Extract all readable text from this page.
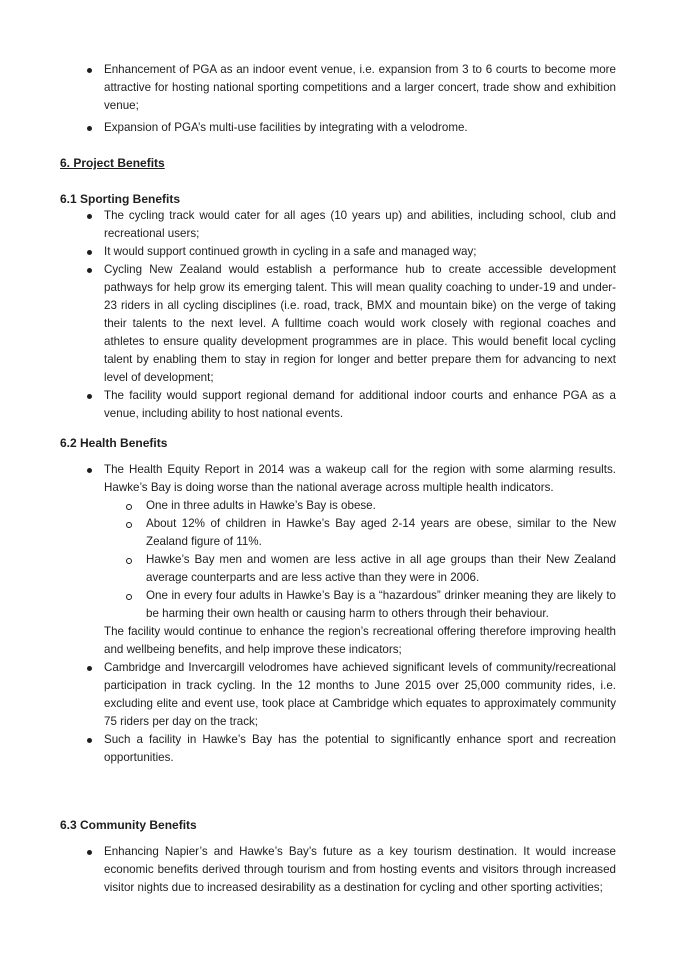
Enhancement of PGA as an indoor event venue, i.e. expansion from 3 to 6 courts to become more attractive for hosting national sporting competitions and a larger concert, trade show and exhibition venue;
Expansion of PGA’s multi-use facilities by integrating with a velodrome.

6. Project Benefits

6.1 Sporting Benefits

The cycling track would cater for all ages (10 years up) and abilities, including school, club and recreational users;
It would support continued growth in cycling in a safe and managed way;
Cycling New Zealand would establish a performance hub to create accessible development pathways for help grow its emerging talent. This will mean quality coaching to under-19 and under-23 riders in all cycling disciplines (i.e. road, track, BMX and mountain bike) on the verge of taking their talents to the next level. A fulltime coach would work closely with regional coaches and athletes to ensure quality development programmes are in place. This would benefit local cycling talent by enabling them to stay in region for longer and better prepare them for advancing to next level of development;
The facility would support regional demand for additional indoor courts and enhance PGA as a venue, including ability to host national events.

6.2 Health Benefits

The Health Equity Report in 2014 was a wakeup call for the region with some alarming results. Hawke’s Bay is doing worse than the national average across multiple health indicators.
One in three adults in Hawke’s Bay is obese.
About 12% of children in Hawke’s Bay aged 2-14 years are obese, similar to the New Zealand figure of 11%.
Hawke’s Bay men and women are less active in all age groups than their New Zealand average counterparts and are less active than they were in 2006.
One in every four adults in Hawke’s Bay is a “hazardous” drinker meaning they are likely to be harming their own health or causing harm to others through their behaviour.

The facility would continue to enhance the region’s recreational offering therefore improving health and wellbeing benefits, and help improve these indicators;

Cambridge and Invercargill velodromes have achieved significant levels of community/recreational participation in track cycling. In the 12 months to June 2015 over 25,000 community rides, i.e. excluding elite and event use, took place at Cambridge which equates to approximately community 75 riders per day on the track;
Such a facility in Hawke’s Bay has the potential to significantly enhance sport and recreation opportunities.

6.3 Community Benefits

Enhancing Napier’s and Hawke’s Bay’s future as a key tourism destination. It would increase economic benefits derived through tourism and from hosting events and visitors through increased visitor nights due to increased desirability as a destination for cycling and other sporting activities;
